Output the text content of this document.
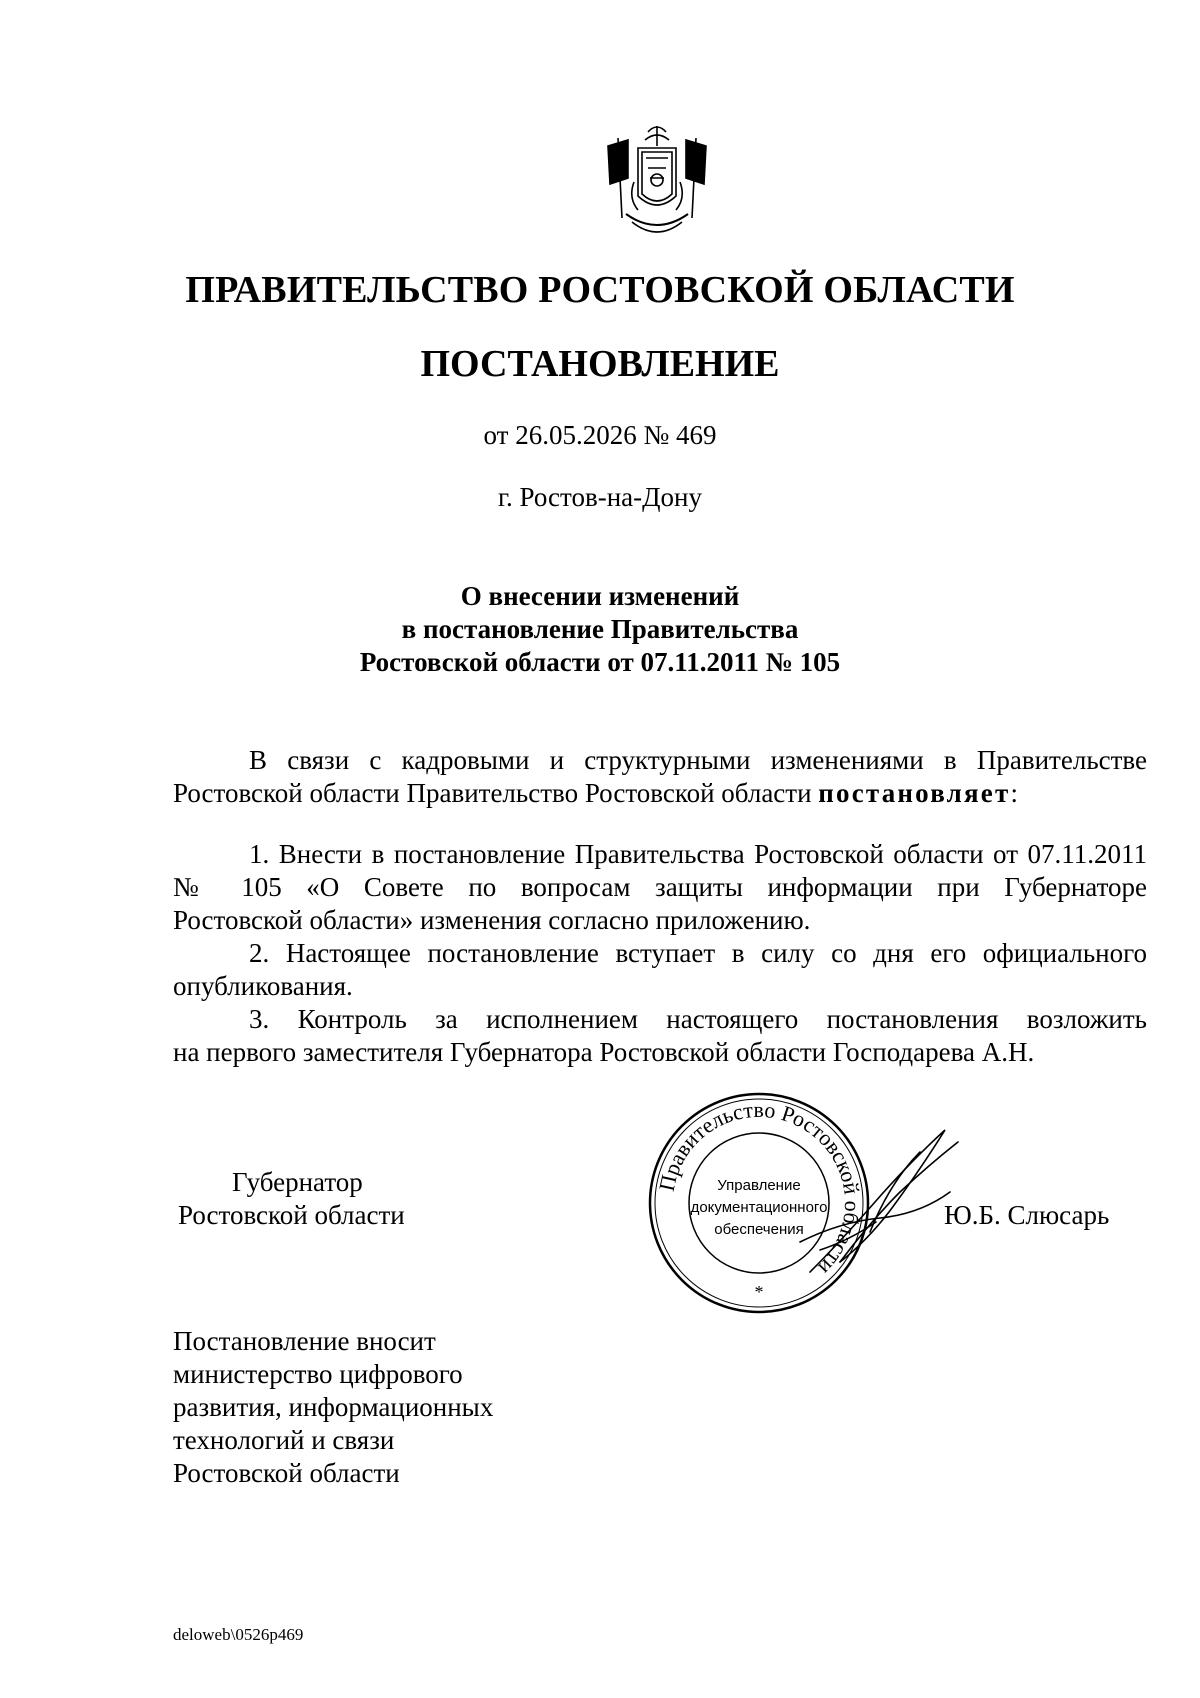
ПРАВИТЕЛЬСТВО РОСТОВСКОЙ ОБЛАСТИ
ПОСТАНОВЛЕНИЕ
от 26.05.2026 № 469
г. Ростов-на-Дону
О внесении изменений
в постановление Правительства
Ростовской области от 07.11.2011 № 105

В связи с кадровыми и структурными изменениями в Правительстве Ростовской области Правительство Ростовской области постановляет:

1. Внести в постановление Правительства Ростовской области от 07.11.2011
№ 105 «О Совете по вопросам защиты информации при Губернаторе
Ростовской области» изменения согласно приложению.
2. Настоящее постановление вступает в силу со дня его официального
опубликования.
3. Контроль за исполнением настоящего постановления возложить
на первого заместителя Губернатора Ростовской области Господарева А.Н.
Губернатор
Ростовской области
Правительство Ростовской области
Управление
документационного
обеспечения
*
Ю.Б. Слюсарь
Постановление вносит
министерство цифрового
развития, информационных
технологий и связи
Ростовской области
deloweb\0526p469
